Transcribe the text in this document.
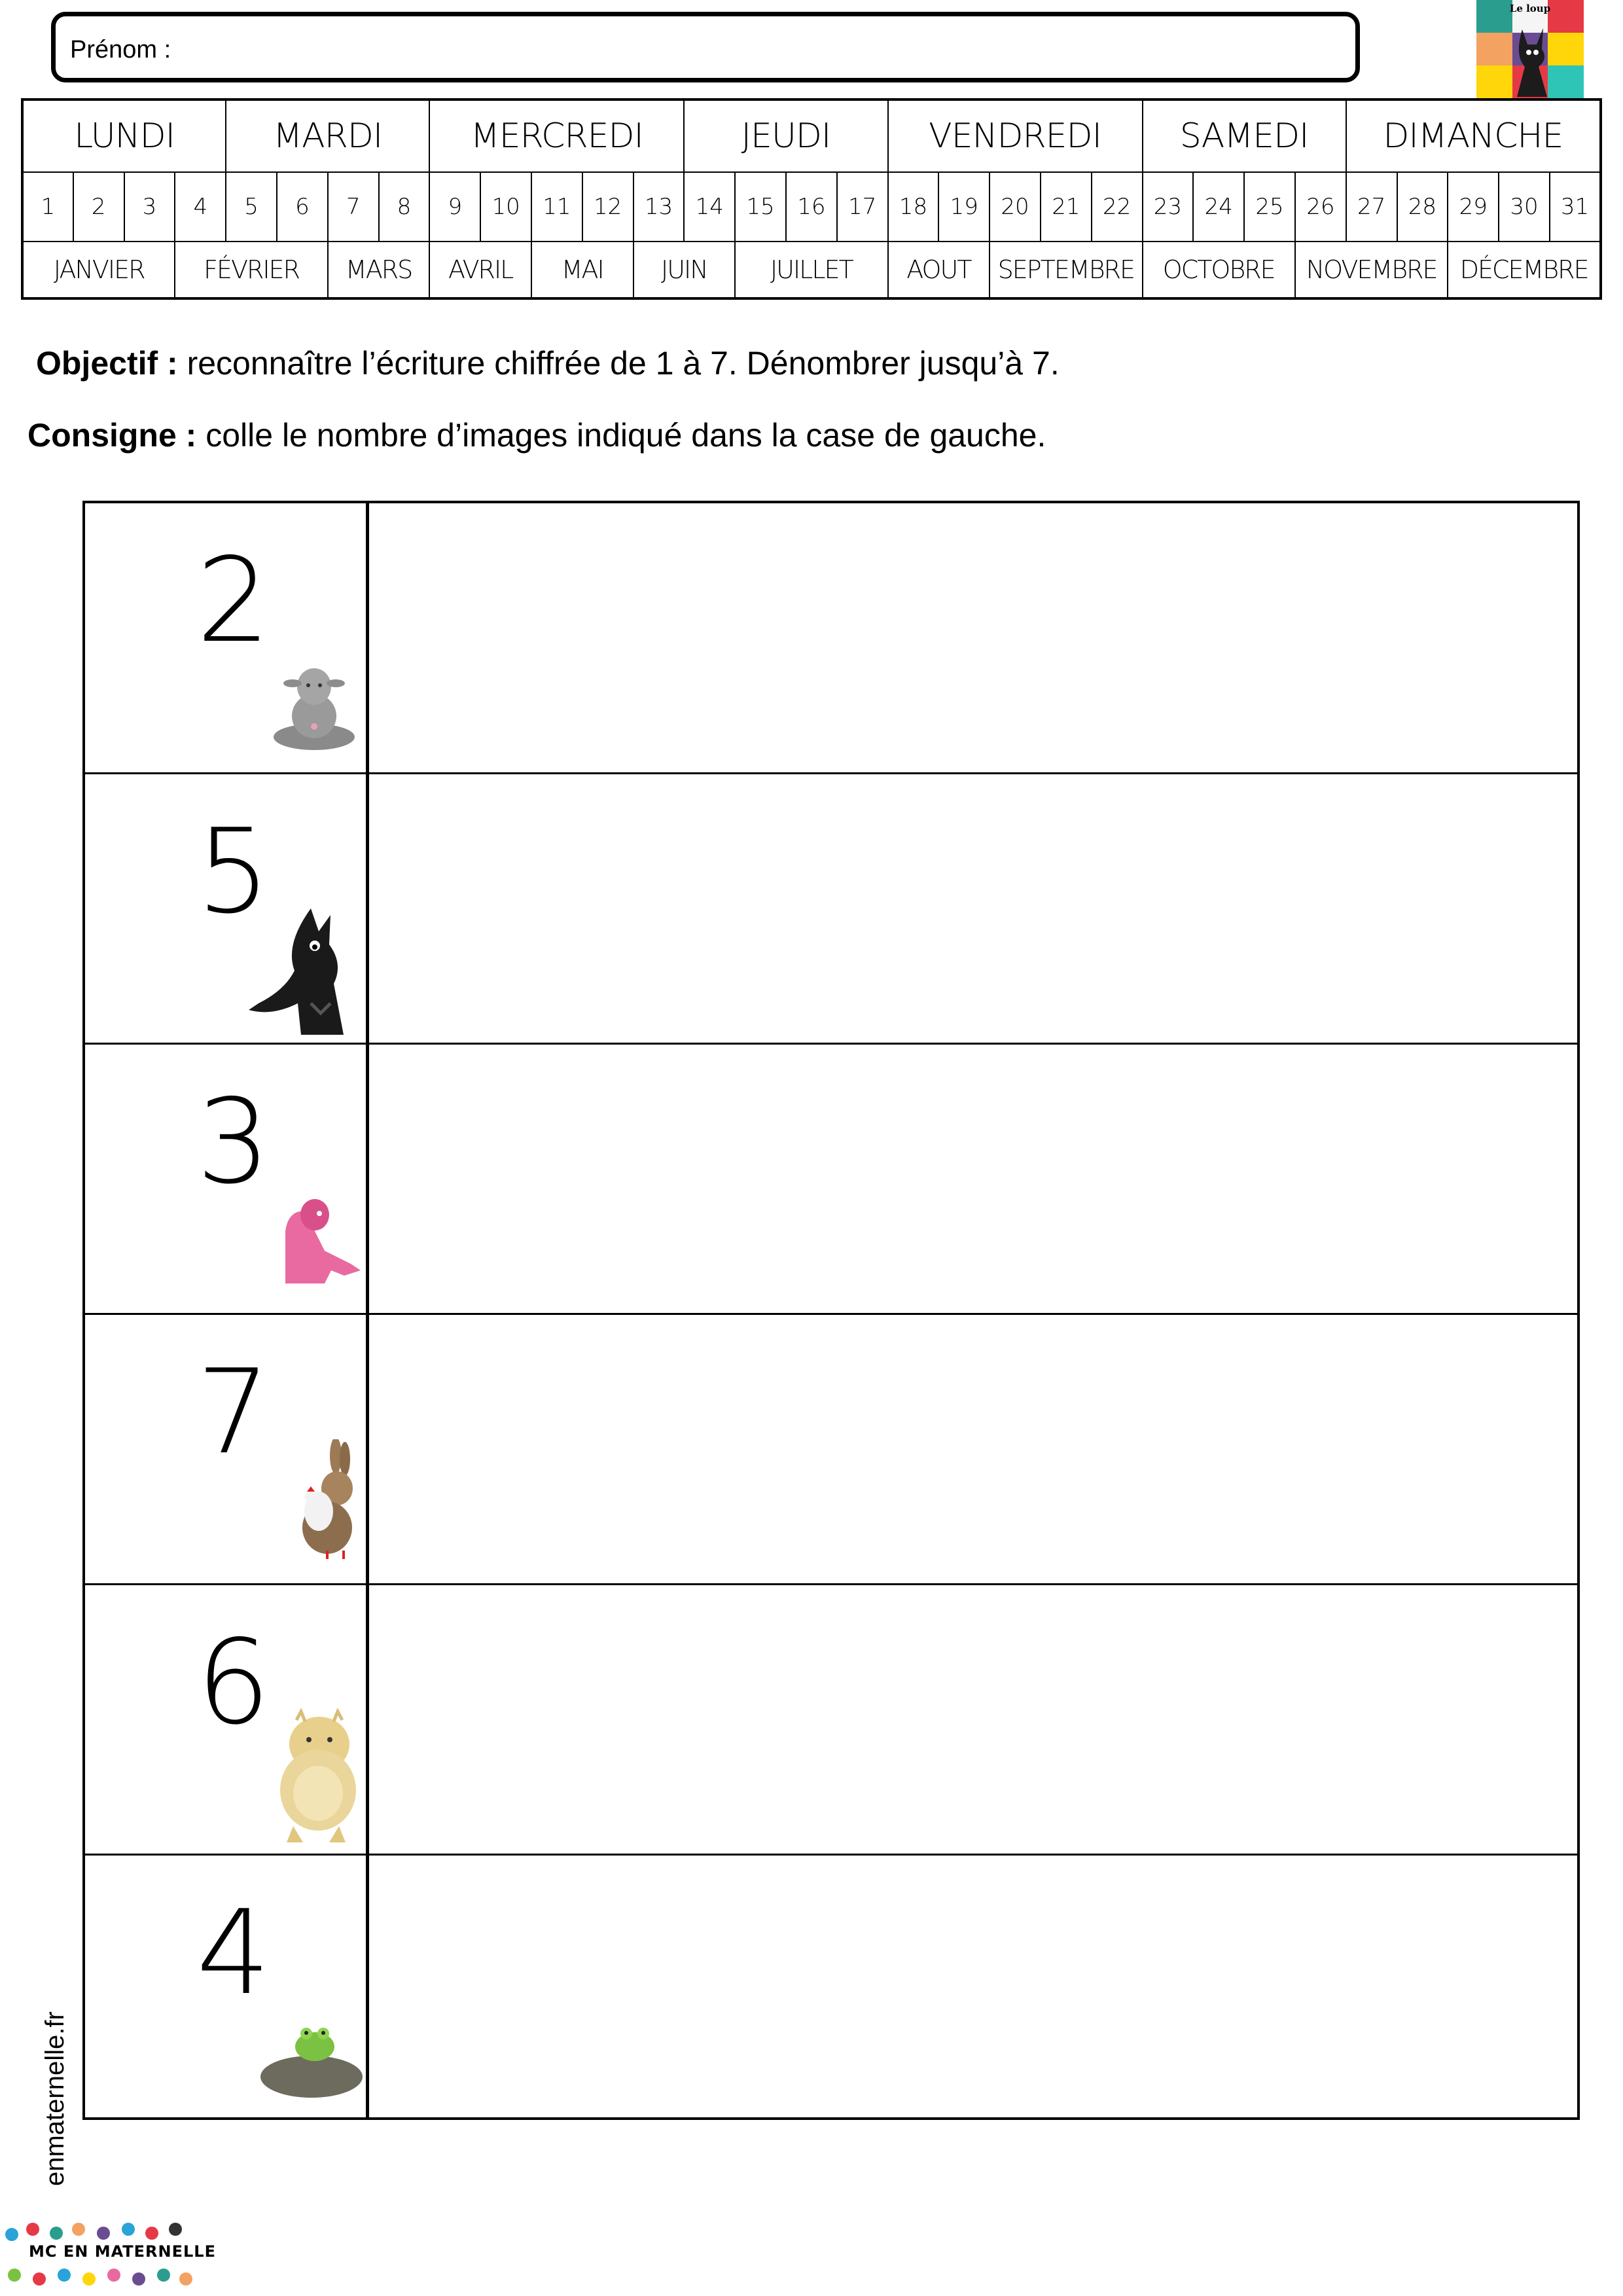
Prénom :
Le loup
LUNDI				MARDI				MERCREDI					JEUDI				VENDREDI					SAMEDI				DIMANCHE				
1	2	3	4	5	6	7	8	9	10	11	12	13	14	15	16	17	18	19	20	21	22	23	24	25	26	27	28	29	30	31
JANVIER			FÉVRIER			MARS		AVRIL		MAI		JUIN		JUILLET			AOUT		SEPTEMBRE			OCTOBRE			NOVEMBRE			DÉCEMBRE		
Objectif : reconnaître l’écriture chiffrée de 1 à 7. Dénombrer jusqu’à 7.
Consigne : colle le nombre d’images indiqué dans la case de gauche.
2
5
3
7
6
4
enmaternelle.fr
MC EN MATERNELLE
